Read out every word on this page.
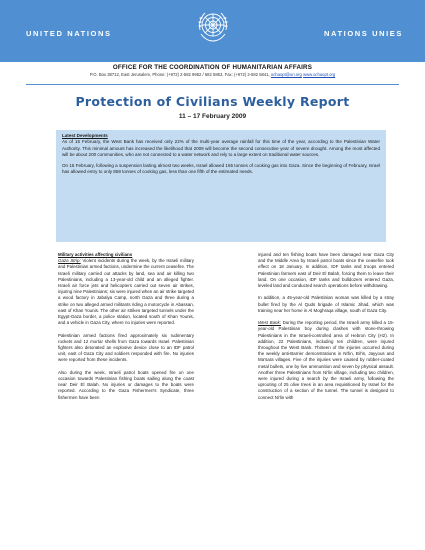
UNITED NATIONS	NATIONS UNIES
OFFICE FOR THE COORDINATION OF HUMANITARIAN AFFAIRS
P.O. Box 38712, East Jerusalem, Phone: (+972) 2-582 9962 / 582 5853, Fax: (+972) 2-582 5841, ochaopt@un.org www.ochaopt.org
Protection of Civilians Weekly Report
11 – 17 February 2009
Latest Developments

As of 15 February, the West Bank has received only 22% of the multi-year average rainfall for this time of the year, according to the Palestinian Water Authority. This minimal amount has increased the likelihood that 2009 will become the second consecutive year of severe drought. Among the most affected will be about 200 communities, who are not connected to a water network and rely to a large extent on traditional water sources.

On 15 February, following a suspension lasting almost two weeks, Israel allowed 155 tonnes of cooking gas into Gaza. Since the beginning of February, Israel has allowed entry to only 859 tonnes of cooking gas, less than one fifth of the estimated needs.

Military activities affecting civilians

Gaza Strip: Violent incidents during the week, by the Israeli military and Palestinian armed factions, undermine the current ceasefire. The Israeli military carried out attacks by land, sea and air killing two Palestinians, including a 13-year-old child and an alleged fighter. Israeli air force jets and helicopters carried out seven air strikes, injuring nine Palestinians; six were injured when an air strike targeted a wood factory in Jabalya Camp, north Gaza and three during a strike on two alleged armed militants riding a motorcycle in Abassan, east of Khan Younis. The other air strikes targeted tunnels under the Egypt-Gaza border, a police station, located south of Khan Younis, and a vehicle in Gaza City, where no injuries were reported.

Palestinian armed factions fired approximately six rudimentary rockets and 12 mortar shells from Gaza towards Israel. Palestinian fighters also detonated an explosive device close to an IDF patrol unit, east of Gaza City and soldiers responded with fire. No injuries were reported from these incidents.

Also during the week, Israeli patrol boats opened fire on one occasion towards Palestinian fishing boats sailing along the coast near Deir El Balah. No injuries or damages to the boats were reported. According to the Gaza Fishermen's Syndicate, three fishermen have been

injured and ten fishing boats have been damaged near Gaza City and the Middle Area by Israeli patrol boats since the ceasefire took effect on 18 January. In addition, IDF tanks and troops entered Palestinian farmers east of Deir El Balah, forcing them to leave their land. On one occasion, IDF tanks and bulldozers entered Gaza, leveled land and conducted search operations before withdrawing.

In addition, a 45-year-old Palestinian woman was killed by a stray bullet fired by the Al Quds brigade of Islamic Jihad, which was training near her home in Al Moghraqa village, south of Gaza City.

West Bank: During the reporting period, the Israeli army killed a 15-year-old Palestinian boy during clashes with stone-throwing Palestinians in the Israeli-controlled area of Hebron City (H2). In addition, 22 Palestinians, including ten children, were injured throughout the West Bank. Thirteen of the injuries occurred during the weekly anti-Barrier demonstrations in Ni'lin, Bil'in, Jayyous and Ma'sara villages. Five of the injuries were caused by rubber-coated metal bullets, one by live ammunition and seven by physical assault. Another three Palestinians from Ni'lin village, including two children, were injured during a search by the Israeli army, following the uprooting of 25 olive trees in an area requisitioned by Israel for the construction of a section of the tunnel. The tunnel is designed to connect Ni'lin with
